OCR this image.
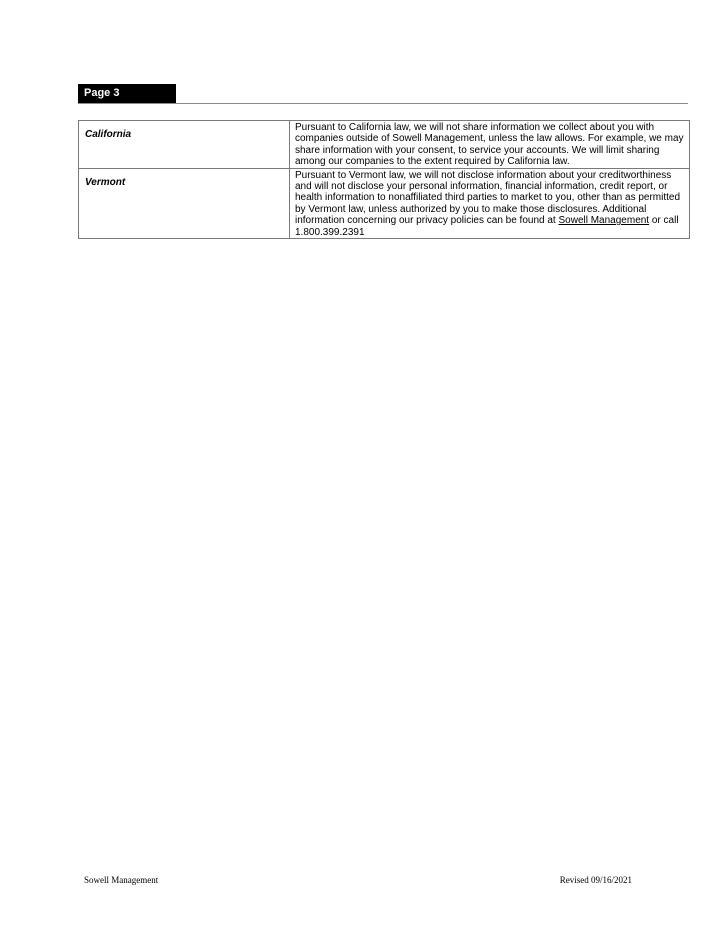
Page 3
California	Pursuant to California law, we will not share information we collect about you with companies outside of Sowell Management, unless the law allows. For example, we may share information with your consent, to service your accounts. We will limit sharing among our companies to the extent required by California law.
Vermont	Pursuant to Vermont law, we will not disclose information about your creditworthiness and will not disclose your personal information, financial information, credit report, or health information to nonaffiliated third parties to market to you, other than as permitted by Vermont law, unless authorized by you to make those disclosures. Additional information concerning our privacy policies can be found at Sowell Management or call 1.800.399.2391
Sowell Management	Revised 09/16/2021
